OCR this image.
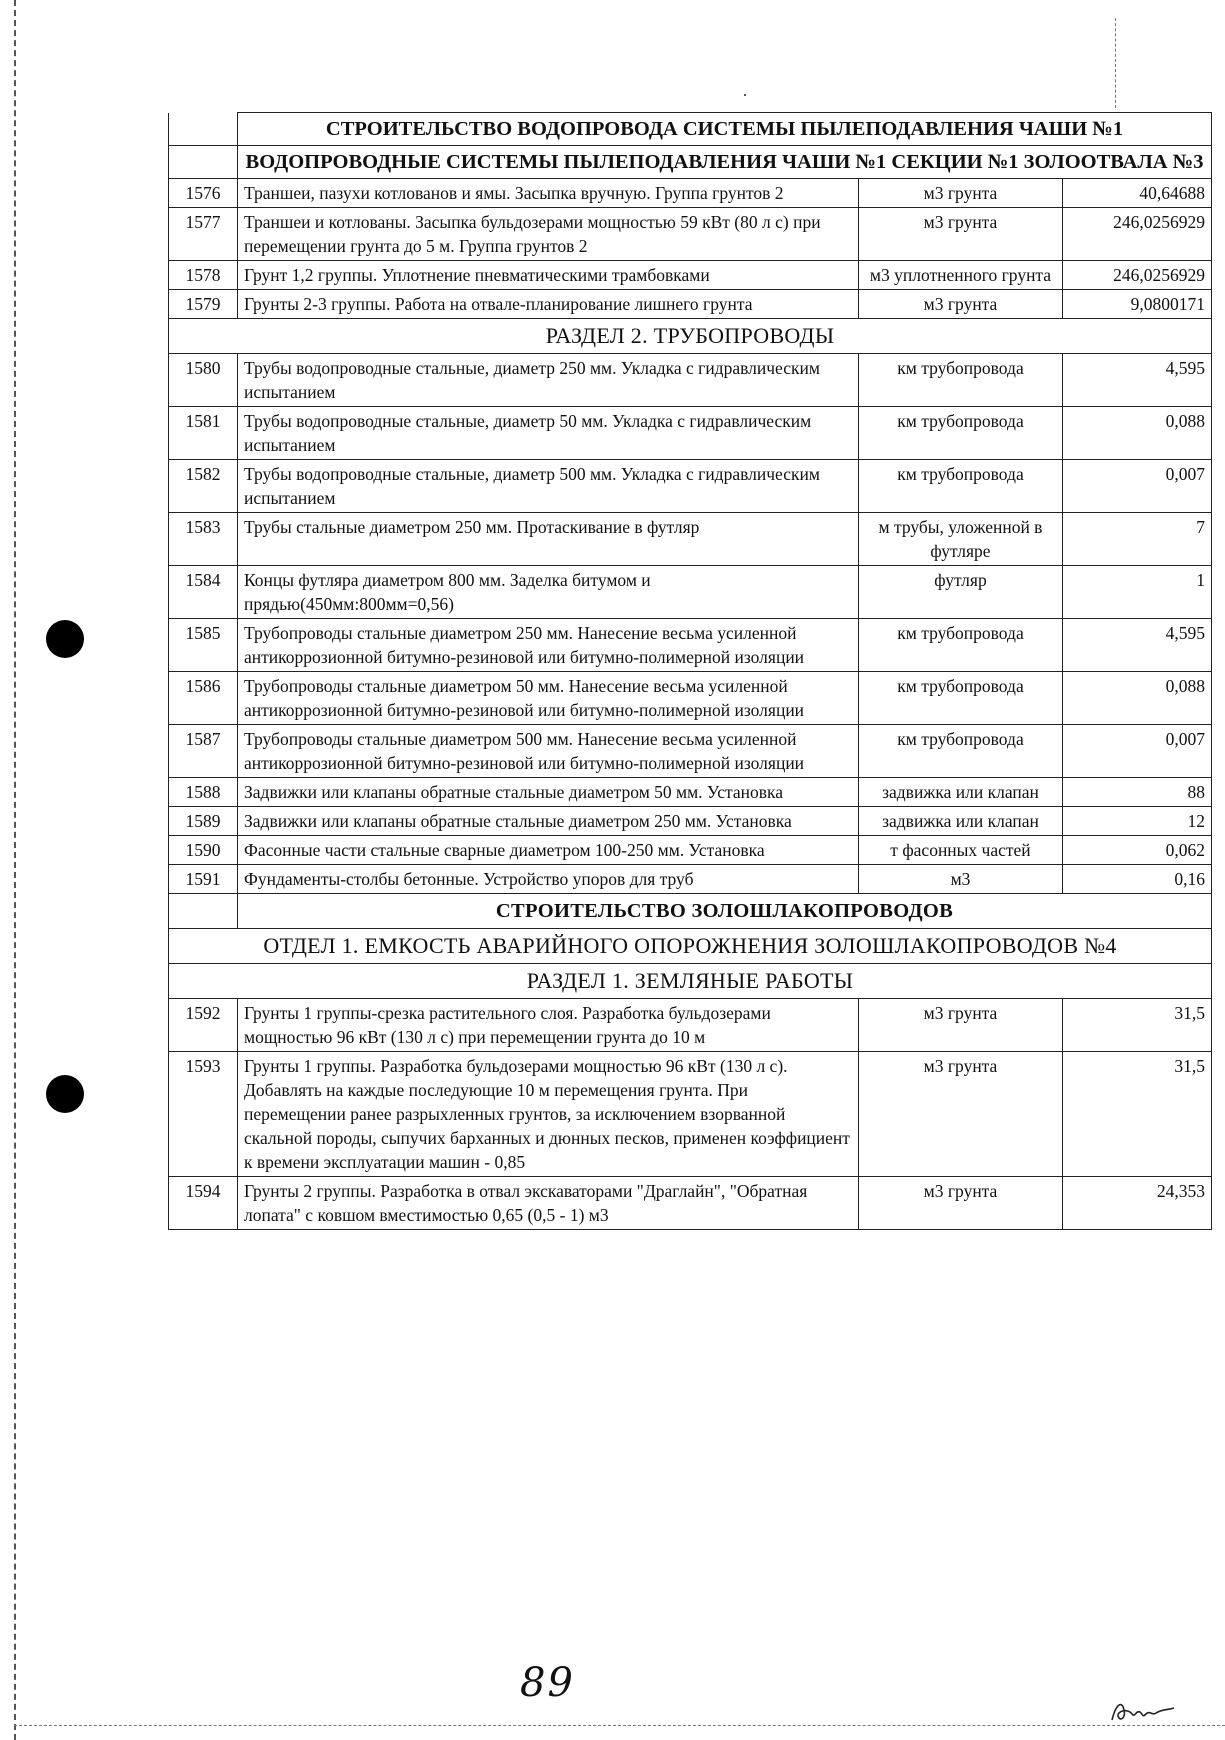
	СТРОИТЕЛЬСТВО ВОДОПРОВОДА СИСТЕМЫ ПЫЛЕПОДАВЛЕНИЯ ЧАШИ №1		
	ВОДОПРОВОДНЫЕ СИСТЕМЫ ПЫЛЕПОДАВЛЕНИЯ ЧАШИ №1 СЕКЦИИ №1 ЗОЛООТВАЛА №3		
1576	Траншеи, пазухи котлованов и ямы. Засыпка вручную. Группа грунтов 2	м3 грунта	40,64688
1577	Траншеи и котлованы. Засыпка бульдозерами мощностью 59 кВт (80 л с) при перемещении грунта до 5 м. Группа грунтов 2	м3 грунта	246,0256929
1578	Грунт 1,2 группы. Уплотнение пневматическими трамбовками	м3 уплотненного грунта	246,0256929
1579	Грунты 2-3 группы. Работа на отвале-планирование лишнего грунта	м3 грунта	9,0800171
РАЗДЕЛ 2. ТРУБОПРОВОДЫ			
1580	Трубы водопроводные стальные, диаметр 250 мм. Укладка с гидравлическим испытанием	км трубопровода	4,595
1581	Трубы водопроводные стальные, диаметр 50 мм. Укладка с гидравлическим испытанием	км трубопровода	0,088
1582	Трубы водопроводные стальные, диаметр 500 мм. Укладка с гидравлическим испытанием	км трубопровода	0,007
1583	Трубы стальные диаметром 250 мм. Протаскивание в футляр	м трубы, уложенной в футляре	7
1584	Концы футляра диаметром 800 мм. Заделка битумом и прядью(450мм:800мм=0,56)	футляр	1
1585	Трубопроводы стальные диаметром 250 мм. Нанесение весьма усиленной антикоррозионной битумно-резиновой или битумно-полимерной изоляции	км трубопровода	4,595
1586	Трубопроводы стальные диаметром 50 мм. Нанесение весьма усиленной антикоррозионной битумно-резиновой или битумно-полимерной изоляции	км трубопровода	0,088
1587	Трубопроводы стальные диаметром 500 мм. Нанесение весьма усиленной антикоррозионной битумно-резиновой или битумно-полимерной изоляции	км трубопровода	0,007
1588	Задвижки или клапаны обратные стальные диаметром 50 мм. Установка	задвижка или клапан	88
1589	Задвижки или клапаны обратные стальные диаметром 250 мм. Установка	задвижка или клапан	12
1590	Фасонные части стальные сварные диаметром 100-250 мм. Установка	т фасонных частей	0,062
1591	Фундаменты-столбы бетонные. Устройство упоров для труб	м3	0,16
	СТРОИТЕЛЬСТВО ЗОЛОШЛАКОПРОВОДОВ		
ОТДЕЛ 1. ЕМКОСТЬ АВАРИЙНОГО ОПОРОЖНЕНИЯ ЗОЛОШЛАКОПРОВОДОВ №4			
РАЗДЕЛ 1. ЗЕМЛЯНЫЕ РАБОТЫ			
1592	Грунты 1 группы-срезка растительного слоя. Разработка бульдозерами мощностью 96 кВт (130 л с) при перемещении грунта до 10 м	м3 грунта	31,5
1593	Грунты 1 группы. Разработка бульдозерами мощностью 96 кВт (130 л с). Добавлять на каждые последующие 10 м перемещения грунта. При перемещении ранее разрыхленных грунтов, за исключением взорванной скальной породы, сыпучих барханных и дюнных песков, применен коэффициент к времени эксплуатации машин - 0,85	м3 грунта	31,5
1594	Грунты 2 группы. Разработка в отвал экскаваторами "Драглайн", "Обратная лопата" с ковшом вместимостью 0,65 (0,5 - 1) м3	м3 грунта	24,353
89
